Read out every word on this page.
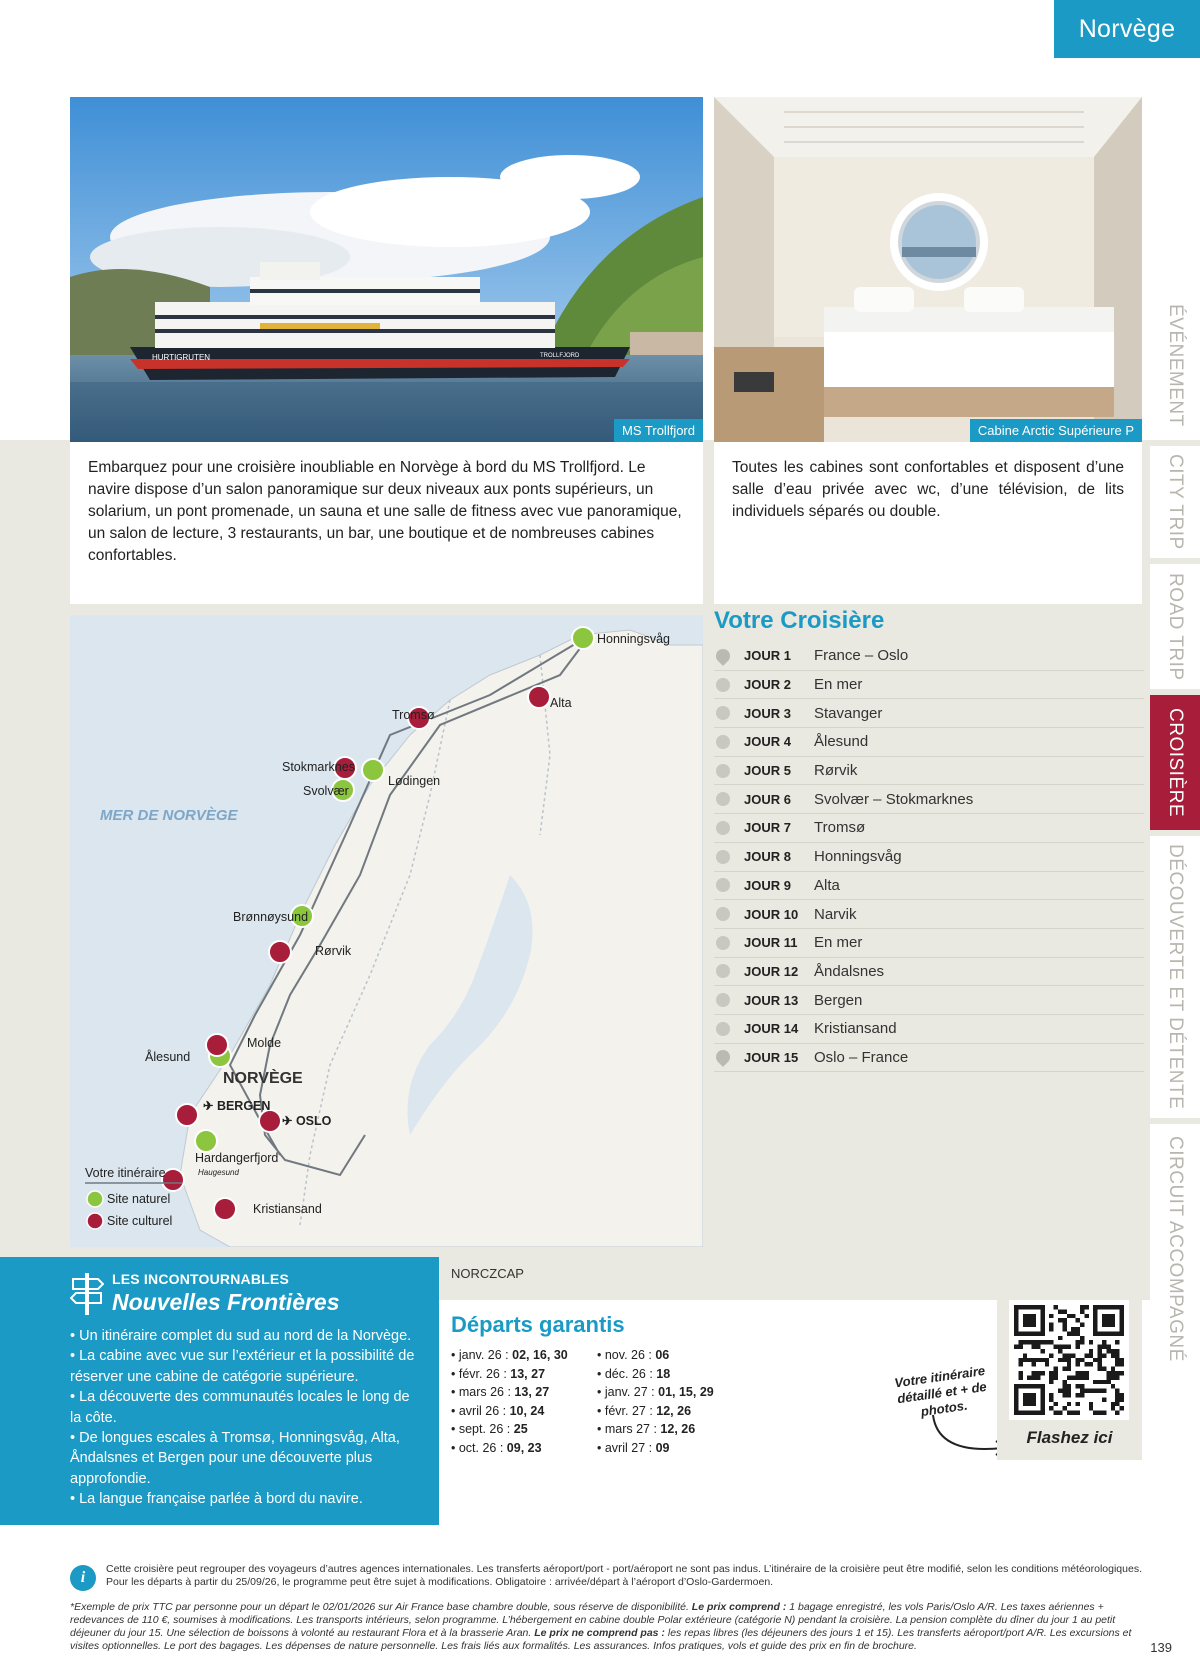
Norvège
ÉVÉNEMENT
CITY TRIP
ROAD TRIP
CROISIÈRE
DÉCOUVERTE ET DÉTENTE
CIRCUIT ACCOMPAGNÉ
HURTIGRUTEN	TROLLFJORD
MS Trollfjord	Cabine Arctic Supérieure P
Embarquez pour une croisière inoubliable en Norvège à bord du MS Trollfjord. Le navire dispose d’un salon panoramique sur deux niveaux aux ponts supérieurs, un solarium, un pont promenade, un sauna et une salle de fitness avec vue panoramique, un salon de lecture, 3 restaurants, un bar, une boutique et de nombreuses cabines confortables.
Toutes les cabines sont confortables et disposent d’une salle d’eau privée avec wc, d’une télévision, de lits individuels séparés ou double.
MER DE NORVÈGE
NORVÈGE
Honningsvåg
Alta
Tromsø
Stokmarknes
Lødingen
Svolvær
Brønnøysund
Rørvik
Molde
Ålesund
✈ BERGEN
✈ OSLO
Hardangerfjord
Haugesund
Kristiansand
Votre itinéraire
Site naturel
Site culturel
Votre Croisière
JOUR 1	France – Oslo
JOUR 2	En mer
JOUR 3	Stavanger
JOUR 4	Ålesund
JOUR 5	Rørvik
JOUR 6	Svolvær – Stokmarknes
JOUR 7	Tromsø
JOUR 8	Honningsvåg
JOUR 9	Alta
JOUR 10	Narvik
JOUR 11	En mer
JOUR 12	Åndalsnes
JOUR 13	Bergen
JOUR 14	Kristiansand
JOUR 15	Oslo – France
LES INCONTOURNABLES
Nouvelles Frontières
• Un itinéraire complet du sud au nord de la Norvège.
• La cabine avec vue sur l’extérieur et la possibilité de réserver une cabine de catégorie supérieure.
• La découverte des communautés locales le long de la côte.
• De longues escales à Tromsø, Honningsvåg, Alta, Åndalsnes et Bergen pour une découverte plus approfondie.
• La langue française parlée à bord du navire.
NORCZCAP
Départs garantis
• janv. 26 : 02, 16, 30
• févr. 26 : 13, 27
• mars 26 : 13, 27
• avril 26 : 10, 24
• sept. 26 : 25
• oct. 26 : 09, 23
• nov. 26 : 06
• déc. 26 : 18
• janv. 27 : 01, 15, 29
• févr. 27 : 12, 26
• mars 27 : 12, 26
• avril 27 : 09
Votre itinéraire détaillé et + de photos.
Flashez ici
i	Cette croisière peut regrouper des voyageurs d’autres agences internationales. Les transferts aéroport/port - port/aéroport ne sont pas indus. L’itinéraire de la croisière peut être modifié, selon les conditions météorologiques. Pour les départs à partir du 25/09/26, le programme peut être sujet à modifications. Obligatoire : arrivée/départ à l’aéroport d’Oslo-Gardermoen.
*Exemple de prix TTC par personne pour un départ le 02/01/2026 sur Air France base chambre double, sous réserve de disponibilité. Le prix comprend : 1 bagage enregistré, les vols Paris/Oslo A/R. Les taxes aériennes + redevances de 110 €, soumises à modifications. Les transports intérieurs, selon programme. L’hébergement en cabine double Polar extérieure (catégorie N) pendant la croisière. La pension complète du dîner du jour 1 au petit déjeuner du jour 15. Une sélection de boissons à volonté au restaurant Flora et à la brasserie Aran. Le prix ne comprend pas : les repas libres (les déjeuners des jours 1 et 15). Les transferts aéroport/port A/R. Les excursions et visites optionnelles. Le port des bagages. Les dépenses de nature personnelle. Les frais liés aux formalités. Les assurances. Infos pratiques, vols et guide des prix en fin de brochure.	139
